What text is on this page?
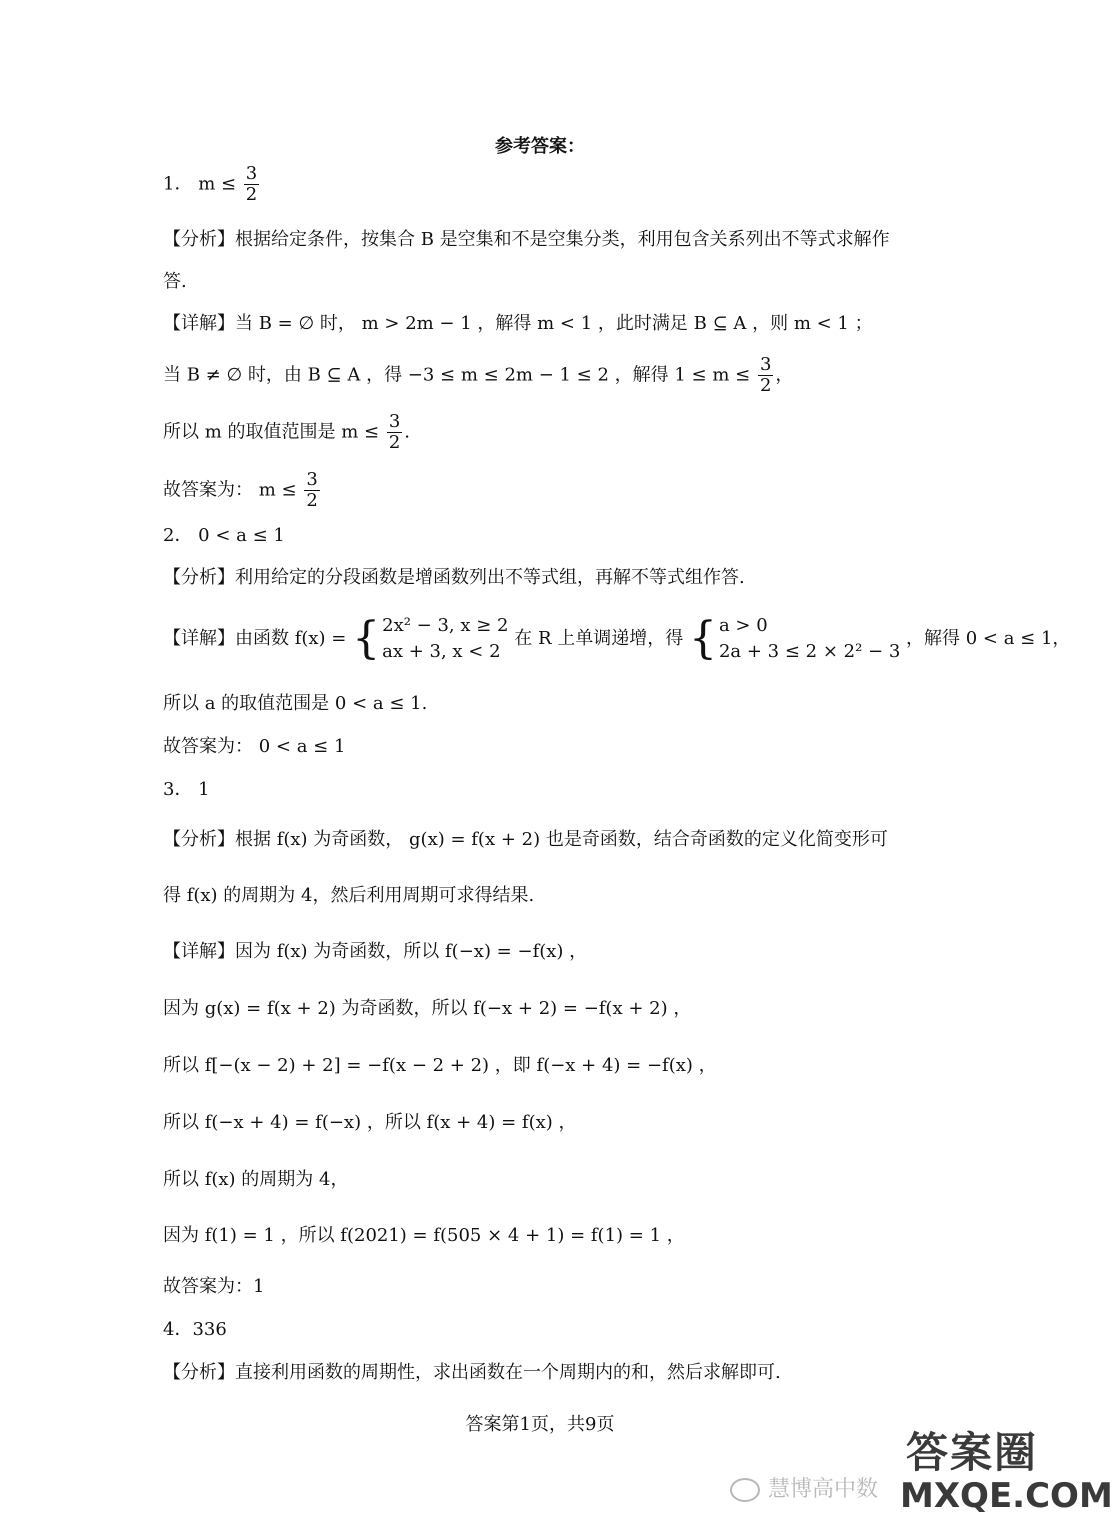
参考答案：
1． $m \le \frac{3}{2}$
【分析】根据给定条件，按集合 B 是空集和不是空集分类，利用包含关系列出不等式求解作
答.
【详解】当 B = ∅ 时， m > 2m − 1 ，解得 m < 1 ，此时满足 B ⊆ A ，则 m < 1 ；
当 B ≠ ∅ 时，由 B ⊆ A ，得 −3 ≤ m ≤ 2m − 1 ≤ 2 ，解得 $1 \le m \le \frac{3}{2}$ ，
所以 m 的取值范围是 $m \le \frac{3}{2}$ .
故答案为： $m \le \frac{3}{2}$
2． 0 < a ≤ 1
【分析】利用给定的分段函数是增函数列出不等式组，再解不等式组作答.
【详解】由函数 f(x) = { 2x² − 3, x ≥ 2
ax + 3, x < 2
在 R 上单调递增，得 { a > 0
2a + 3 ≤ 2 × 2² − 3
，解得 0 < a ≤ 1，
所以 a 的取值范围是 0 < a ≤ 1.
故答案为： 0 < a ≤ 1
3． 1
【分析】根据 f(x) 为奇函数， g(x) = f(x + 2) 也是奇函数，结合奇函数的定义化简变形可
得 f(x) 的周期为 4，然后利用周期可求得结果.
【详解】因为 f(x) 为奇函数，所以 f(−x) = −f(x) ，
因为 g(x) = f(x + 2) 为奇函数，所以 f(−x + 2) = −f(x + 2) ，
所以 f[−(x − 2) + 2] = −f(x − 2 + 2) ，即 f(−x + 4) = −f(x) ，
所以 f(−x + 4) = f(−x) ，所以 f(x + 4) = f(x) ，
所以 f(x) 的周期为 4，
因为 f(1) = 1 ，所以 f(2021) = f(505 × 4 + 1) = f(1) = 1 ，
故答案为：1
4．336
【分析】直接利用函数的周期性，求出函数在一个周期内的和，然后求解即可.
答案第1页，共9页
慧博高中数
答案圈
MXQE.COM
